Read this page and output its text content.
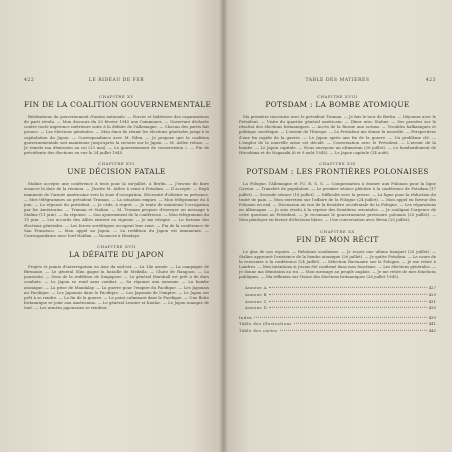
422	LE RIDEAU DE FER
CHAPITRE XV
FIN DE LA COALITION GOUVERNEMENTALE

Réalisations du gouvernement d'union nationale. — Forces et faiblesses des organisations de parti révolu. — Mon discours du 25 février 1945 aux Communes. — Ouverture déclarée contre toute ingérence intérieure suite à la défaite de l'Allemagne. — Chacun des partis fait preuve. — Les élections générales. — Mon émoi de réunir les élections générales jusqu'à la capitulation du Japon. — Correspondance avec M. Eden. — Je propose que la coalition gouvernementale soit maintenue jusqu'après la victoire sur le Japon. — M. Attlee refuse. — Je remets ma démission au roi (23 mai). — Le gouvernement de conservation «. — Fin de précédente des élections en vue le 24 juillet 1945.

CHAPITRE XVI
UNE DÉCISION FATALE

Staline accepte une conférence à trois pour la mi-juillet, à Berlin. — J'envoie de faire avancer la date de la réunion. — J'invite M. Attlee à venir à Potsdam. — Il accepte. — Repli imminent de l'armée américaine vers la zone d'occupation. Nécessité d'obtenir sa présence. — Mes télégrammes au président Truman. — La situation empire. — Mon télégramme du 4 juin. — La réponse du président. — Je cède, à regret. — Je tente de maintenir l'occupation par les Américains. — Truman et Staline. — M. Truman propose d'envoyer un message à Staline (11 juin). — Sa réponse. — Son ajournement de la conférence. — Mon télégramme du 15 juin. — Les accords des Alliés entrent en vigueur. — Je me résigne. — Le lorisme des élections générales. — Les forces soviétiques occupent leur zone. — Fin de la conférence de San Francisco. — Mon appel au Japon. — La reddition du Japon est imminente. — Correspondance avec lord Haldax. — Vacances à Hendaye.

CHAPITRE XVII
LA DÉFAITE DU JAPON

Projets et points d'interrogation en Asie du sud-est. — La 14e armée. — La campagne de Birmanie. — Le général Slim gagne la bataille de Meiktila. — Chute de Rangoon. — La poursuite. — Sens de la reddition de Singapour. — Le général Marshall est prêt à de durs combats. — Le Japon se rend sans combat. — Sa réponse aux ennemis. — La bombe atomique. — La prise de Mandalay. — La guerre pour l'empire du Pacifique. — Les Japonais au Pacifique. — Les Japonais dans le Pacifique. — Les Japonais de l'empire. — Le Japon est prêt à se rendre. — La fin de la guerre. — Le point culminant dans le Pacifique. — Une flotte britannique se joint aux Américains. — Le général Lesnier et Kaulac. — Le Japon manque de tout. — Les armées japonaises se rendent.

TABLE DES MATIÈRES	423
CHAPITRE XVIII
POTSDAM : LA BOMBE ATOMIQUE

Ma première rencontre avec le président Truman. — Je fais le tour de Berlin. — Déjeuner avec le Président. — Visite du quartier général américain. — Dîner avec Staline. — Ses pensées sur le résultat des élections britanniques. — Accès de la Russie aux océans. — Troubles balkaniques et politique soviétique. — L'avenir de l'Europe. — Le Président me donne la nouvelle. — Perspectives d'une fin rapide de la guerre. — Le Japon après une fin de la guerre. — Un problème clé. — L'emploi de la nouvelle arme est décidé. — Conversation avec le Président. — L'avenir de la bombe. — Le Japon capitule. — Nous envoyons un ultimatum (26 juillet). — Le bombardement de Hiroshima et de Nagasaki (6 et 9 août 1945). — Le Japon capitule (14 août).

CHAPITRE XIX
POTSDAM : LES FRONTIÈRES POLONAISES

La Pologne, l'Allemagne et l'U. R. S. S. — Compensation à donner aux Polonais pour la ligne Curzon. — Transfert de population. — Le premier séance plénière à la conférence de Potsdam (17 juillet). — Seconde séance (18 juillet). — Difficulté avec la presse. — La ligne pour la réduction du traité de paix. — Mon entretien sur l'affaire de la Pologne (24 juillet). — Mon appel en faveur des Polonais en exil. — Discussion en vue de la frontière occidentale de la Pologne. — Les réparations en Allemagne. — Je suis résolu à la reprise des frontières orientales. — Je soulignai l'urgence de cette question au Président. — Je reconnais le gouvernement provisoire polonais (25 juillet). — Mon plaidoyer en faveur d'élections libres. — Une conversation avec Bevin (25 juillet).

CHAPITRE XX
FIN DE MON RÉCIT

Le glas de nos espoirs. — Relations soudaines. — Je reçois une ultime banquet (25 juillet). — Staline approuvé l'existence de la bombe atomique (26 juillet). — Je quitte Potsdam. — Le cours de la rencontre à la conférence (24 juillet). — Sélection fluctuante sur la Pologne. — Je me retire à Londres. — Mes intentions si j'avais été confirmé dans mes fonctions. — Les élections générales. — Je donne ma démission au roi. — Mon message au peuple anglais. — Je me retire de mes fonctions publiques. — Ma réflexion sur l'issue des élections britanniques (26 juillet 1945).

Annexe A	427
Annexe B	429
Annexe C	431
Annexe D	435
Index	439
Table des illustrations	441
Table des cartes	445
